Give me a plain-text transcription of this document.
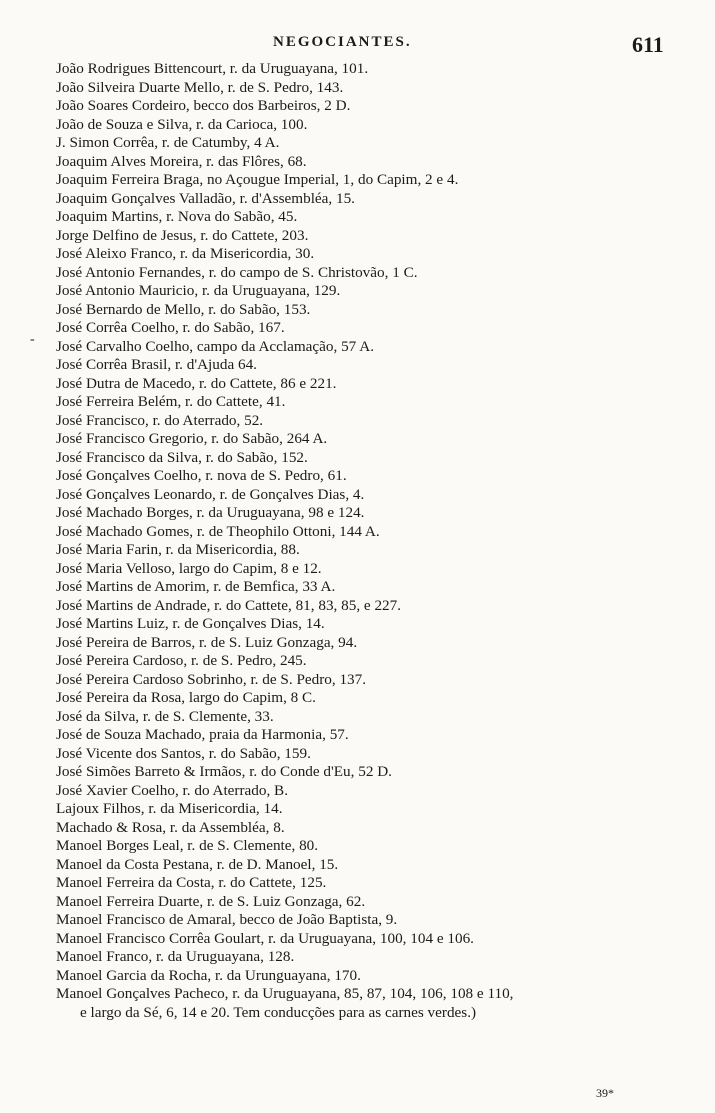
NEGOCIANTES.	611
-
João Rodrigues Bittencourt, r. da Uruguayana, 101.
João Silveira Duarte Mello, r. de S. Pedro, 143.
João Soares Cordeiro, becco dos Barbeiros, 2 D.
João de Souza e Silva, r. da Carioca, 100.
J. Simon Corrêa, r. de Catumby, 4 A.
Joaquim Alves Moreira, r. das Flôres, 68.
Joaquim Ferreira Braga, no Açougue Imperial, 1, do Capim, 2 e 4.
Joaquim Gonçalves Valladão, r. d'Assembléa, 15.
Joaquim Martins, r. Nova do Sabão, 45.
Jorge Delfino de Jesus, r. do Cattete, 203.
José Aleixo Franco, r. da Misericordia, 30.
José Antonio Fernandes, r. do campo de S. Christovão, 1 C.
José Antonio Mauricio, r. da Uruguayana, 129.
José Bernardo de Mello, r. do Sabão, 153.
José Corrêa Coelho, r. do Sabão, 167.
José Carvalho Coelho, campo da Acclamação, 57 A.
José Corrêa Brasil, r. d'Ajuda 64.
José Dutra de Macedo, r. do Cattete, 86 e 221.
José Ferreira Belém, r. do Cattete, 41.
José Francisco, r. do Aterrado, 52.
José Francisco Gregorio, r. do Sabão, 264 A.
José Francisco da Silva, r. do Sabão, 152.
José Gonçalves Coelho, r. nova de S. Pedro, 61.
José Gonçalves Leonardo, r. de Gonçalves Dias, 4.
José Machado Borges, r. da Uruguayana, 98 e 124.
José Machado Gomes, r. de Theophilo Ottoni, 144 A.
José Maria Farin, r. da Misericordia, 88.
José Maria Velloso, largo do Capim, 8 e 12.
José Martins de Amorim, r. de Bemfica, 33 A.
José Martins de Andrade, r. do Cattete, 81, 83, 85, e 227.
José Martins Luiz, r. de Gonçalves Dias, 14.
José Pereira de Barros, r. de S. Luiz Gonzaga, 94.
José Pereira Cardoso, r. de S. Pedro, 245.
José Pereira Cardoso Sobrinho, r. de S. Pedro, 137.
José Pereira da Rosa, largo do Capim, 8 C.
José da Silva, r. de S. Clemente, 33.
José de Souza Machado, praia da Harmonia, 57.
José Vicente dos Santos, r. do Sabão, 159.
José Simões Barreto & Irmãos, r. do Conde d'Eu, 52 D.
José Xavier Coelho, r. do Aterrado, B.
Lajoux Filhos, r. da Misericordia, 14.
Machado & Rosa, r. da Assembléa, 8.
Manoel Borges Leal, r. de S. Clemente, 80.
Manoel da Costa Pestana, r. de D. Manoel, 15.
Manoel Ferreira da Costa, r. do Cattete, 125.
Manoel Ferreira Duarte, r. de S. Luiz Gonzaga, 62.
Manoel Francisco de Amaral, becco de João Baptista, 9.
Manoel Francisco Corrêa Goulart, r. da Uruguayana, 100, 104 e 106.
Manoel Franco, r. da Uruguayana, 128.
Manoel Garcia da Rocha, r. da Urunguayana, 170.
Manoel Gonçalves Pacheco, r. da Uruguayana, 85, 87, 104, 106, 108 e 110,
e largo da Sé, 6, 14 e 20. Tem conducções para as carnes verdes.)
39*
